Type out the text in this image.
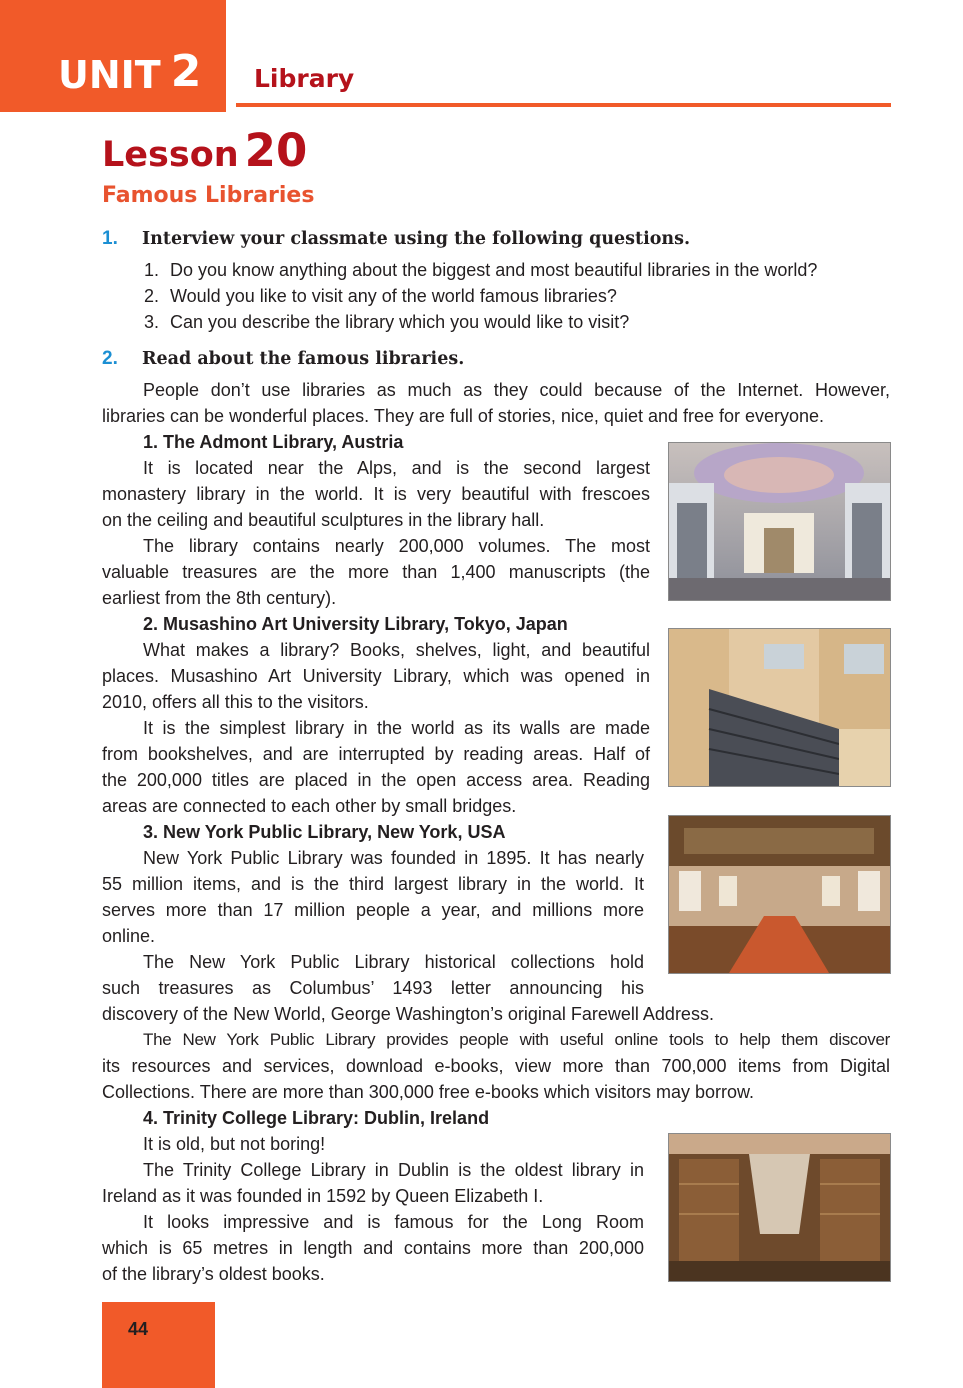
UNIT 2 Library
Lesson 20
Famous Libraries
1. Interview your classmate using the following questions.
1. Do you know anything about the biggest and most beautiful libraries in the world?
2. Would you like to visit any of the world famous libraries?
3. Can you describe the library which you would like to visit?
2. Read about the famous libraries.
People don’t use libraries as much as they could because of the Internet. However,
libraries can be wonderful places. They are full of stories, nice, quiet and free for everyone.
1. The Admont Library, Austria
It is located near the Alps, and is the second largest
monastery library in the world. It is very beautiful with frescoes
on the ceiling and beautiful sculptures in the library hall.
The library contains nearly 200,000 volumes. The most
valuable treasures are the more than 1,400 manuscripts (the
earliest from the 8th century).
2. Musashino Art University Library, Tokyo, Japan
What makes a library? Books, shelves, light, and beautiful
places. Musashino Art University Library, which was opened in
2010, offers all this to the visitors.
It is the simplest library in the world as its walls are made
from bookshelves, and are interrupted by reading areas. Half of
the 200,000 titles are placed in the open access area. Reading
areas are connected to each other by small bridges.
3. New York Public Library, New York, USA
New York Public Library was founded in 1895. It has nearly
55 million items, and is the third largest library in the world. It
serves more than 17 million people a year, and millions more
online.
The New York Public Library historical collections hold
such treasures as Columbus’ 1493 letter announcing his
discovery of the New World, George Washington’s original Farewell Address.
The New York Public Library provides people with useful online tools to help them discover
its resources and services, download e-books, view more than 700,000 items from Digital
Collections. There are more than 300,000 free e-books which visitors may borrow.
4. Trinity College Library: Dublin, Ireland
It is old, but not boring!
The Trinity College Library in Dublin is the oldest library in
Ireland as it was founded in 1592 by Queen Elizabeth I.
It looks impressive and is famous for the Long Room
which is 65 metres in length and contains more than 200,000
of the library’s oldest books.
44
